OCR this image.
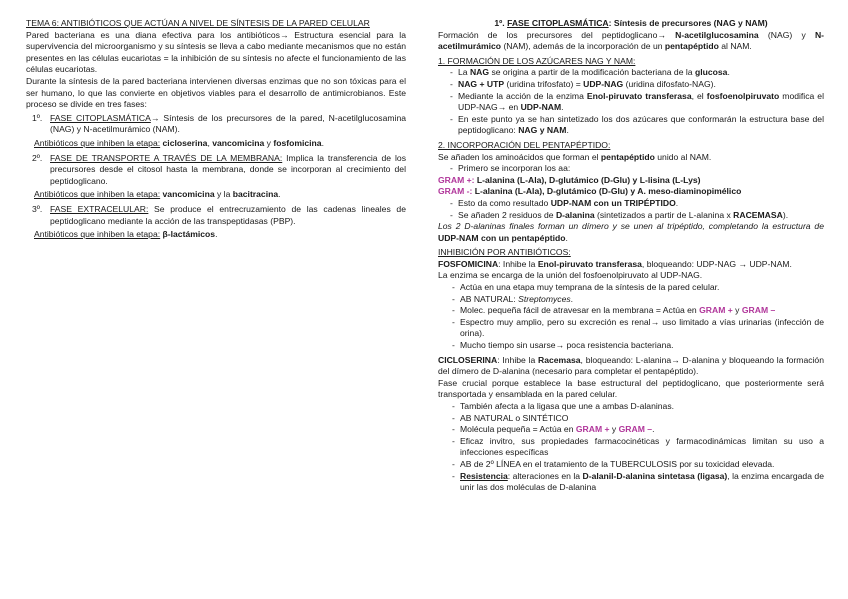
TEMA 6: ANTIBIÓTICOS QUE ACTÚAN A NIVEL DE SÍNTESIS DE LA PARED CELULAR

Pared bacteriana es una diana efectiva para los antibióticos→ Estructura esencial para la supervivencia del microorganismo y su síntesis se lleva a cabo mediante mecanismos que no están presentes en las células eucariotas = la inhibición de su síntesis no afecte el funcionamiento de las células eucariotas.

Durante la síntesis de la pared bacteriana intervienen diversas enzimas que no son tóxicas para el ser humano, lo que las convierte en objetivos viables para el desarrollo de antimicrobianos. Este proceso se divide en tres fases:

1º. FASE CITOPLASMÁTICA→ Síntesis de los precursores de la pared, N-acetilglucosamina (NAG) y N-acetilmurámico (NAM).
Antibióticos que inhiben la etapa: cicloserina, vancomicina y fosfomicina.
2º. FASE DE TRANSPORTE A TRAVÉS DE LA MEMBRANA: Implica la transferencia de los precursores desde el citosol hasta la membrana, donde se incorporan al crecimiento del peptidoglicano.
Antibióticos que inhiben la etapa: vancomicina y la bacitracina.
3º. FASE EXTRACELULAR: Se produce el entrecruzamiento de las cadenas lineales de peptidoglicano mediante la acción de las transpeptidasas (PBP).
Antibióticos que inhiben la etapa: β-lactámicos.
1º. FASE CITOPLASMÁTICA: Síntesis de precursores (NAG y NAM)

Formación de los precursores del peptidoglicano→ N-acetilglucosamina (NAG) y N-acetilmurámico (NAM), además de la incorporación de un pentapéptido al NAM.

1. FORMACIÓN DE LOS AZÚCARES NAG Y NAM:
- La NAG se origina a partir de la modificación bacteriana de la glucosa.
- NAG + UTP (uridina trifosfato) = UDP-NAG (uridina difosfato-NAG).
- Mediante la acción de la enzima Enol-piruvato transferasa, el fosfoenolpiruvato modifica el UDP-NAG→ en UDP-NAM.
- En este punto ya se han sintetizado los dos azúcares que conformarán la estructura base del peptidoglicano: NAG y NAM.
2. INCORPORACIÓN DEL PENTAPÉPTIDO:
Se añaden los aminoácidos que forman el pentapéptido unido al NAM.
- Primero se incorporan los aa:
GRAM +: L-alanina (L-Ala), D-glutámico (D-Glu) y L-lisina (L-Lys)
GRAM -: L-alanina (L-Ala), D-glutámico (D-Glu) y A. meso-diaminopimélico
- Esto da como resultado UDP-NAM con un TRIPÉPTIDO.
- Se añaden 2 residuos de D-alanina (sintetizados a partir de L-alanina x RACEMASA).

Los 2 D-alaninas finales forman un dímero y se unen al tripéptido, completando la estructura de UDP-NAM con un pentapéptido.

INHIBICIÓN POR ANTIBIÓTICOS:

FOSFOMICINA: Inhibe la Enol-piruvato transferasa, bloqueando: UDP-NAG → UDP-NAM.

La enzima se encarga de la unión del fosfoenolpiruvato al UDP-NAG.

- Actúa en una etapa muy temprana de la síntesis de la pared celular.
- AB NATURAL: Streptomyces.
- Molec. pequeña fácil de atravesar en la membrana = Actúa en GRAM + y GRAM –
- Espectro muy amplio, pero su excreción es renal→ uso limitado a vías urinarias (infección de orina).
- Mucho tiempo sin usarse→ poca resistencia bacteriana.

CICLOSERINA: Inhibe la Racemasa, bloqueando: L-alanina→ D-alanina y bloqueando la formación del dímero de D-alanina (necesario para completar el pentapéptido).

Fase crucial porque establece la base estructural del peptidoglicano, que posteriormente será transportada y ensamblada en la pared celular.

- También afecta a la ligasa que une a ambas D-alaninas.
- AB NATURAL o SINTÉTICO
- Molécula pequeña = Actúa en GRAM + y GRAM –.
- Eficaz invitro, sus propiedades farmacocinéticas y farmacodinámicas limitan su uso a infecciones específicas
- AB de 2º LÍNEA en el tratamiento de la TUBERCULOSIS por su toxicidad elevada.
- Resistencia: alteraciones en la D-alanil-D-alanina sintetasa (ligasa), la enzima encargada de unir las dos moléculas de D-alanina
